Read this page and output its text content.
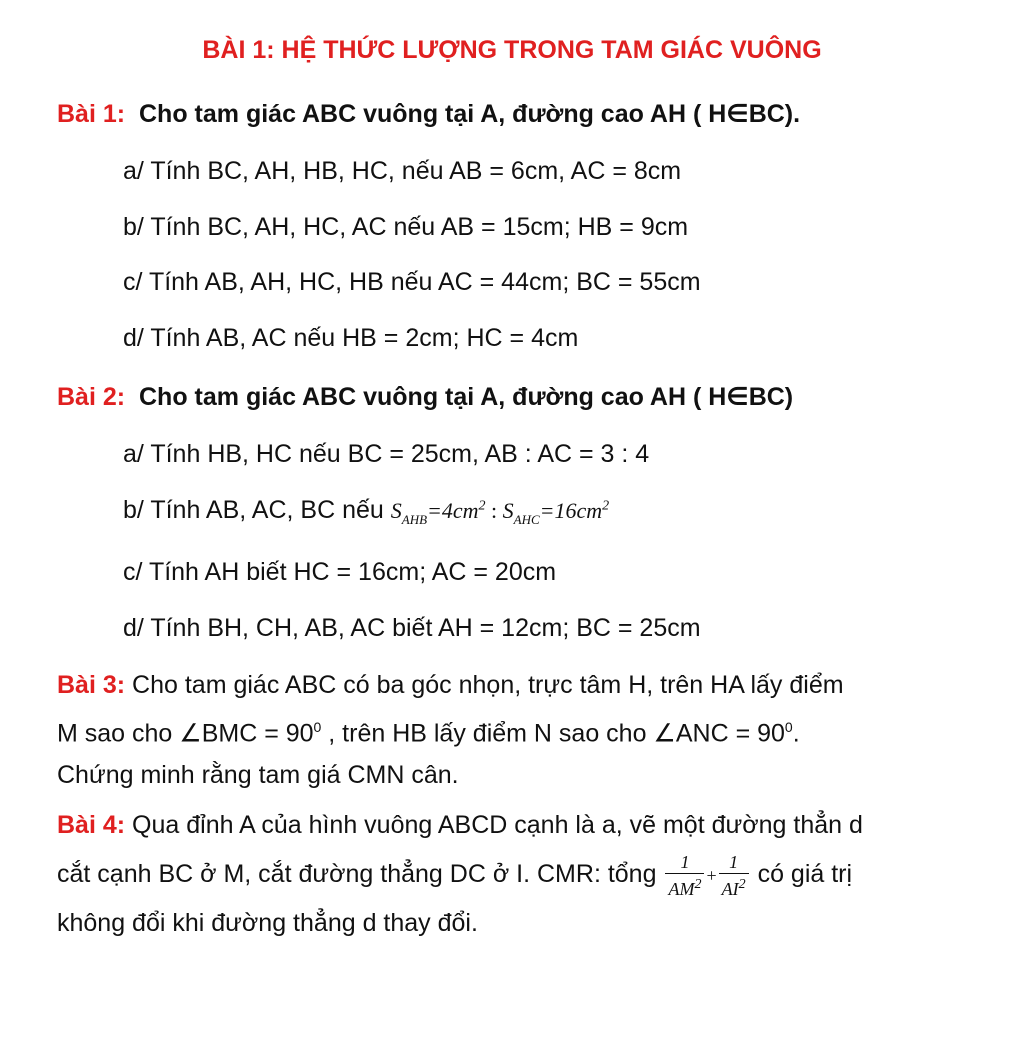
BÀI 1: HỆ THỨC LƯỢNG TRONG TAM GIÁC VUÔNG
Bài 1: Cho tam giác ABC vuông tại A, đường cao AH ( H∈BC).
a/ Tính BC, AH, HB, HC, nếu AB = 6cm, AC = 8cm
b/ Tính BC, AH, HC, AC nếu AB = 15cm; HB = 9cm
c/ Tính AB, AH, HC, HB nếu AC = 44cm; BC = 55cm
d/ Tính AB, AC nếu HB = 2cm; HC = 4cm
Bài 2: Cho tam giác ABC vuông tại A, đường cao AH ( H∈BC)
a/ Tính HB, HC nếu BC = 25cm, AB : AC = 3 : 4
b/ Tính AB, AC, BC nếu $S_{AHB}=4cm^2$ : $S_{AHC}=16cm^2$
c/ Tính AH biết HC = 16cm; AC = 20cm
d/ Tính BH, CH, AB, AC biết AH = 12cm; BC = 25cm
Bài 3: Cho tam giác ABC có ba góc nhọn, trực tâm H, trên HA lấy điểm
M sao cho ∠BMC = $90^0$ , trên HB lấy điểm N sao cho ∠ANC = $90^0$.
Chứng minh rằng tam giá CMN cân.
Bài 4: Qua đỉnh A của hình vuông ABCD cạnh là a, vẽ một đường thẳn d
cắt cạnh BC ở M, cắt đường thẳng DC ở I. CMR: tổng $\frac{1}{AM^2} + \frac{1}{AI^2}$ có giá trị
không đổi khi đường thẳng d thay đổi.
